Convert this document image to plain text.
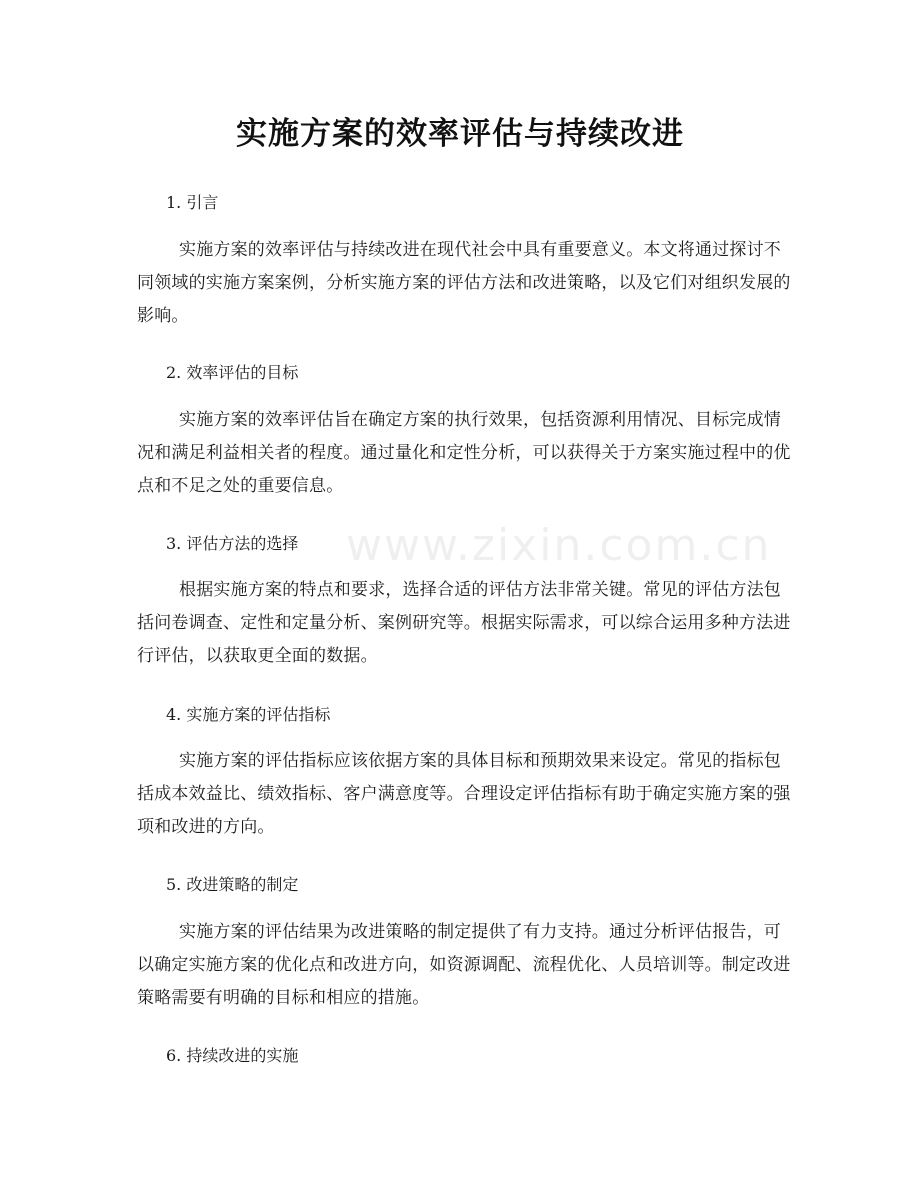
实施方案的效率评估与持续改进
www.zixin.com.cn

1. 引言

实施方案的效率评估与持续改进在现代社会中具有重要意义。本文将通过探讨不同领域的实施方案案例，分析实施方案的评估方法和改进策略，以及它们对组织发展的影响。

2. 效率评估的目标

实施方案的效率评估旨在确定方案的执行效果，包括资源利用情况、目标完成情况和满足利益相关者的程度。通过量化和定性分析，可以获得关于方案实施过程中的优点和不足之处的重要信息。

3. 评估方法的选择

根据实施方案的特点和要求，选择合适的评估方法非常关键。常见的评估方法包括问卷调查、定性和定量分析、案例研究等。根据实际需求，可以综合运用多种方法进行评估，以获取更全面的数据。

4. 实施方案的评估指标

实施方案的评估指标应该依据方案的具体目标和预期效果来设定。常见的指标包括成本效益比、绩效指标、客户满意度等。合理设定评估指标有助于确定实施方案的强项和改进的方向。

5. 改进策略的制定

实施方案的评估结果为改进策略的制定提供了有力支持。通过分析评估报告，可以确定实施方案的优化点和改进方向，如资源调配、流程优化、人员培训等。制定改进策略需要有明确的目标和相应的措施。

6. 持续改进的实施
